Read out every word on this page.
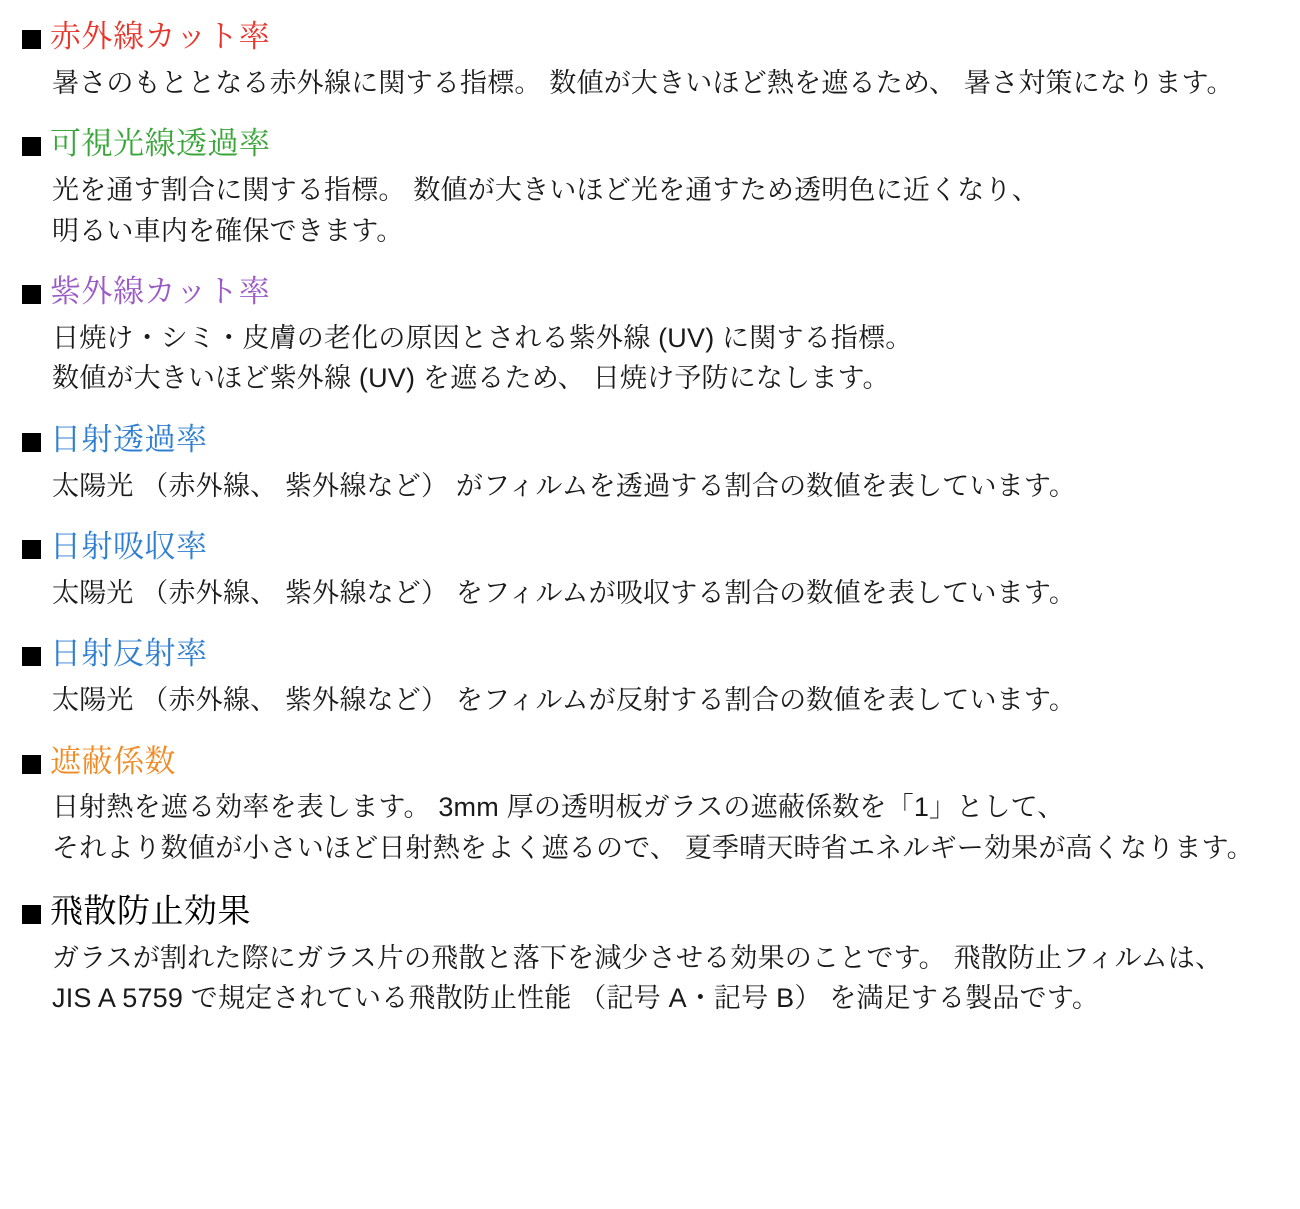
赤外線カット率
暑さのもととなる赤外線に関する指標。 数値が大きいほど熱を遮るため、 暑さ対策になります。
可視光線透過率
光を通す割合に関する指標。 数値が大きいほど光を通すため透明色に近くなり、
明るい車内を確保できます。
紫外線カット率
日焼け・シミ・皮膚の老化の原因とされる紫外線 (UV) に関する指標。
数値が大きいほど紫外線 (UV) を遮るため、 日焼け予防になします。
日射透過率
太陽光 （赤外線、 紫外線など） がフィルムを透過する割合の数値を表しています。
日射吸収率
太陽光 （赤外線、 紫外線など） をフィルムが吸収する割合の数値を表しています。
日射反射率
太陽光 （赤外線、 紫外線など） をフィルムが反射する割合の数値を表しています。
遮蔽係数
日射熱を遮る効率を表します。 3mm 厚の透明板ガラスの遮蔽係数を「1」として、
それより数値が小さいほど日射熱をよく遮るので、 夏季晴天時省エネルギー効果が高くなります。
飛散防止効果
ガラスが割れた際にガラス片の飛散と落下を減少させる効果のことです。 飛散防止フィルムは、
JIS A 5759 で規定されている飛散防止性能 （記号 A・記号 B） を満足する製品です。
